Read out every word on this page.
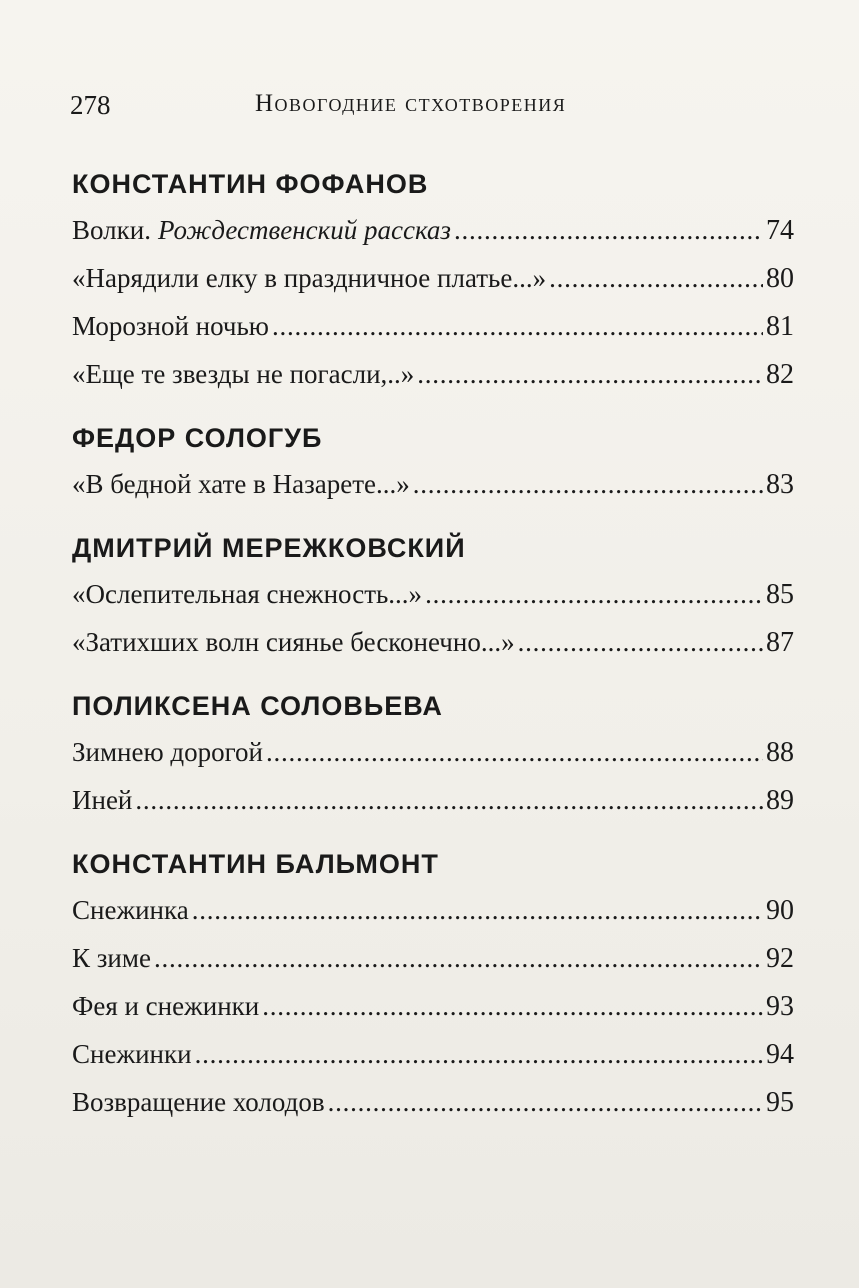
278	Новогодние стхотворения
КОНСТАНТИН ФОФАНОВ
Волки. Рождественский рассказ . . .	74
«Нарядили елку в праздничное платье...» . . .	80
Морозной ночью . . .	81
«Еще те звезды не погасли,..» . . .	82
ФЕДОР СОЛОГУБ
«В бедной хате в Назарете...» . . .	83
ДМИТРИЙ МЕРЕЖКОВСКИЙ
«Ослепительная снежность...» . . .	85
«Затихших волн сиянье бесконечно...» . . .	87
ПОЛИКСЕНА СОЛОВЬЕВА
Зимнею дорогой . . .	88
Иней . . .	89
КОНСТАНТИН БАЛЬМОНТ
Снежинка . . .	90
К зиме . . .	92
Фея и снежинки . . .	93
Снежинки . . .	94
Возвращение холодов . . .	95
